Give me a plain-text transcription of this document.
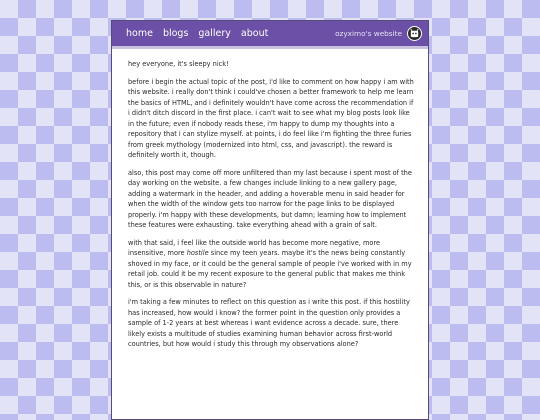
home blogs gallery about	ozyximo's website

hey everyone, it's sleepy nick!

before i begin the actual topic of the post, i'd like to comment on how happy i am with this website. i really don't think i could've chosen a better framework to help me learn the basics of HTML, and i definitely wouldn't have come across the recommendation if i didn't ditch discord in the first place. i can't wait to see what my blog posts look like in the future; even if nobody reads these, i'm happy to dump my thoughts into a repository that i can stylize myself. at points, i do feel like i'm fighting the three furies from greek mythology (modernized into html, css, and javascript). the reward is definitely worth it, though.

also, this post may come off more unfiltered than my last because i spent most of the day working on the website. a few changes include linking to a new gallery page, adding a watermark in the header, and adding a hoverable menu in said header for when the width of the window gets too narrow for the page links to be displayed properly. i'm happy with these developments, but damn; learning how to implement these features were exhausting. take everything ahead with a grain of salt.

with that said, i feel like the outside world has become more negative, more insensitive, more hostile since my teen years. maybe it's the news being constantly shoved in my face, or it could be the general sample of people i've worked with in my retail job. could it be my recent exposure to the general public that makes me think this, or is this observable in nature?

i'm taking a few minutes to reflect on this question as i write this post. if this hostility has increased, how would i know? the former point in the question only provides a sample of 1-2 years at best whereas i want evidence across a decade. sure, there likely exists a multitude of studies examining human behavior across first-world countries, but how would i study this through my observations alone?
